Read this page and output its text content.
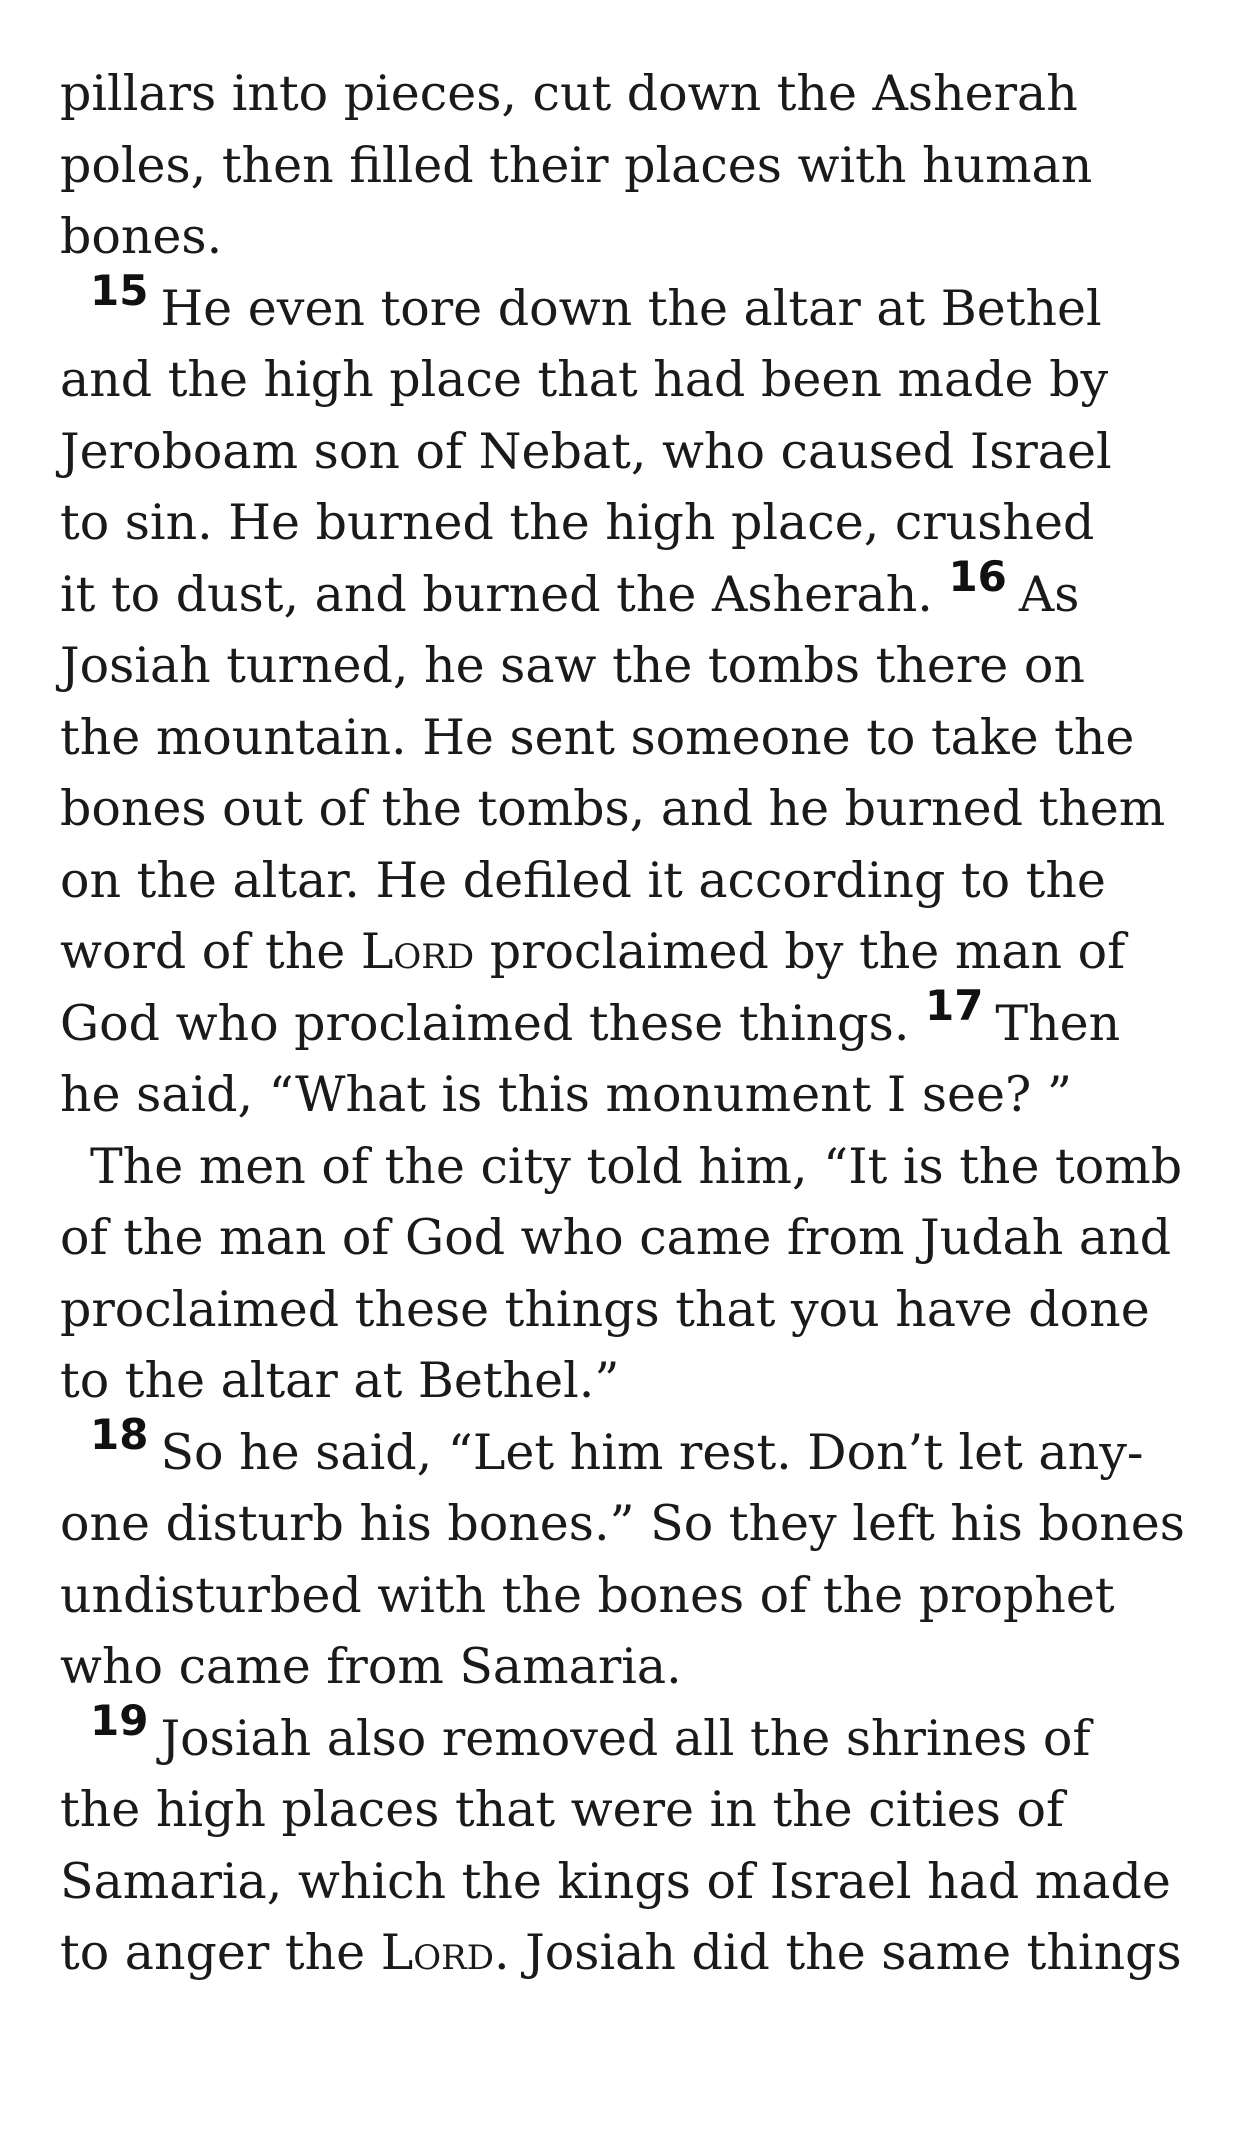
pillars into pieces, cut down the Asherah
poles, then filled their places with human
bones.
15 He even tore down the altar at Bethel
and the high place that had been made by
Jeroboam son of Nebat, who caused Israel
to sin. He burned the high place, crushed
it to dust, and burned the Asherah. 16 As
Josiah turned, he saw the tombs there on
the mountain. He sent someone to take the
bones out of the tombs, and he burned them
on the altar. He defiled it according to the
word of the Lord proclaimed by the man of
God who proclaimed these things. 17 Then
he said, “What is this monument I see? ”
The men of the city told him, “It is the tomb
of the man of God who came from Judah and
proclaimed these things that you have done
to the altar at Bethel.”
18 So he said, “Let him rest. Don’t let any-
one disturb his bones.” So they left his bones
undisturbed with the bones of the prophet
who came from Samaria.
19 Josiah also removed all the shrines of
the high places that were in the cities of
Samaria, which the kings of Israel had made
to anger the Lord. Josiah did the same things
